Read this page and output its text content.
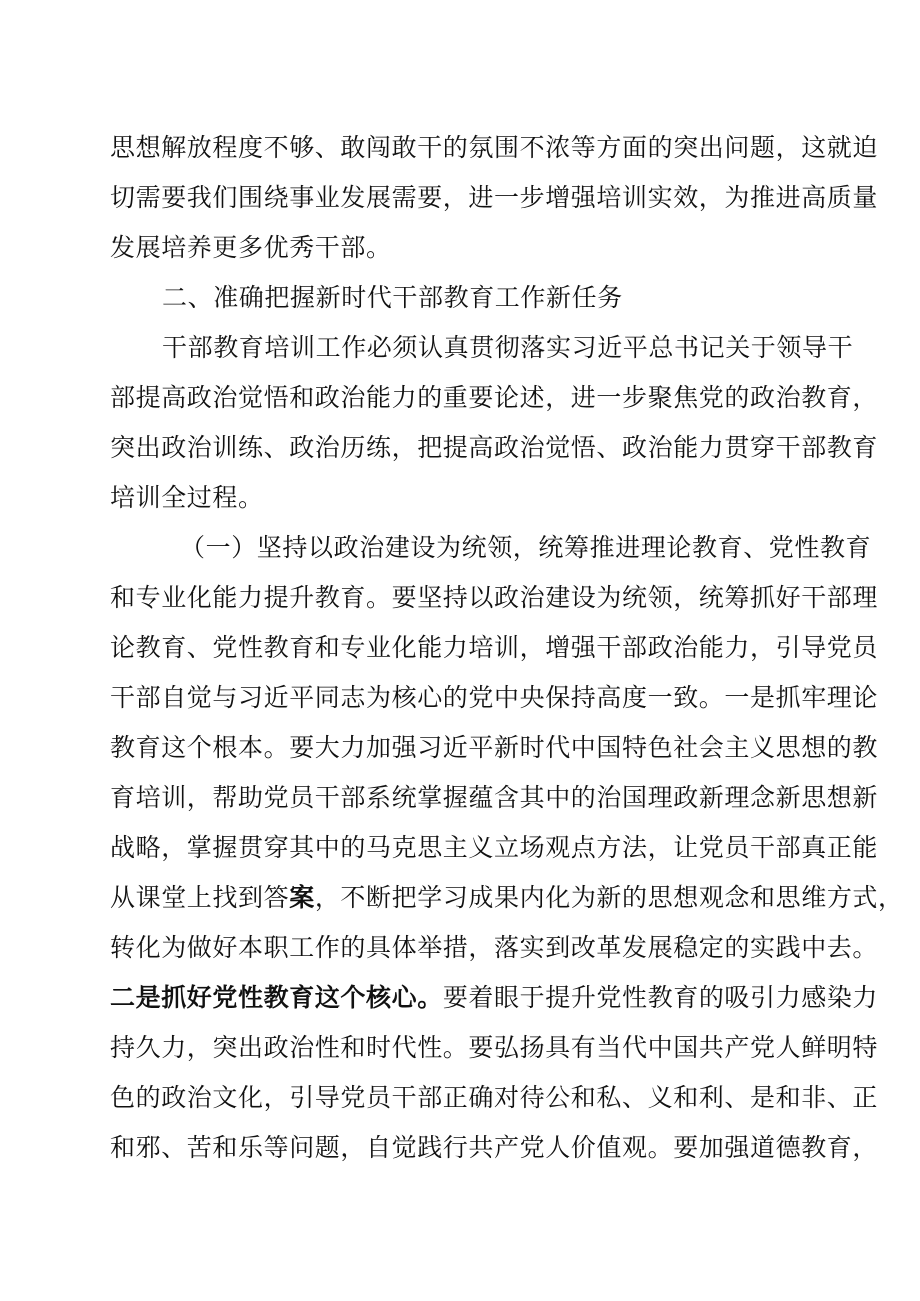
思想解放程度不够、敢闯敢干的氛围不浓等方面的突出问题，这就迫
切需要我们围绕事业发展需要，进一步增强培训实效，为推进高质量
发展培养更多优秀干部。
二、准确把握新时代干部教育工作新任务
干部教育培训工作必须认真贯彻落实习近平总书记关于领导干
部提高政治觉悟和政治能力的重要论述，进一步聚焦党的政治教育，
突出政治训练、政治历练，把提高政治觉悟、政治能力贯穿干部教育
培训全过程。
（一）坚持以政治建设为统领，统筹推进理论教育、党性教育
和专业化能力提升教育。要坚持以政治建设为统领，统筹抓好干部理
论教育、党性教育和专业化能力培训，增强干部政治能力，引导党员
干部自觉与习近平同志为核心的党中央保持高度一致。一是抓牢理论
教育这个根本。要大力加强习近平新时代中国特色社会主义思想的教
育培训，帮助党员干部系统掌握蕴含其中的治国理政新理念新思想新
战略，掌握贯穿其中的马克思主义立场观点方法，让党员干部真正能
从课堂上找到答案，不断把学习成果内化为新的思想观念和思维方式，
转化为做好本职工作的具体举措，落实到改革发展稳定的实践中去。
二是抓好党性教育这个核心。要着眼于提升党性教育的吸引力感染力
持久力，突出政治性和时代性。要弘扬具有当代中国共产党人鲜明特
色的政治文化，引导党员干部正确对待公和私、义和利、是和非、正
和邪、苦和乐等问题，自觉践行共产党人价值观。要加强道德教育，
